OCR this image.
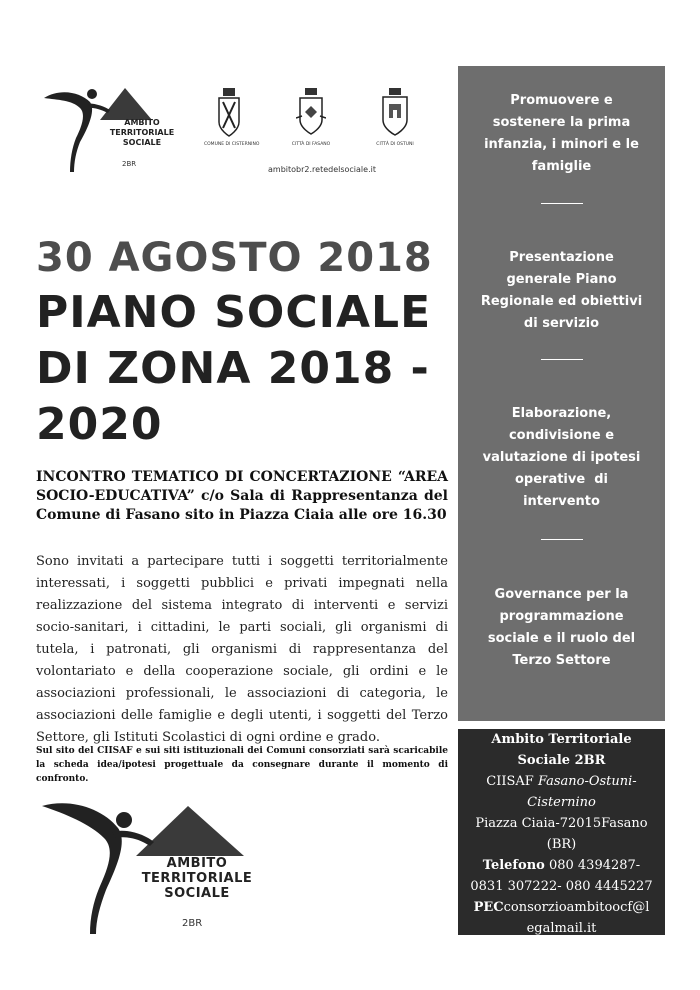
AMBITO
TERRITORIALE
SOCIALE
2BR
COMUNE DI CISTERNINO	CITTÀ DI FASANO	CITTÀ DI OSTUNI
ambitobr2.retedelsociale.it
30 AGOSTO 2018
PIANO SOCIALE
DI ZONA 2018 -
2020
INCONTRO TEMATICO DI CONCERTAZIONE “AREA SOCIO-EDUCATIVA” c/o Sala di Rappresentanza del Comune di Fasano sito in Piazza Ciaia alle ore 16.30
Sono invitati a partecipare tutti i soggetti territorialmente interessati, i soggetti pubblici e privati impegnati nella realizzazione del sistema integrato di interventi e servizi socio-sanitari, i cittadini, le parti sociali, gli organismi di tutela, i patronati, gli organismi di rappresentanza del volontariato e della cooperazione sociale, gli ordini e le associazioni professionali, le associazioni di categoria, le associazioni delle famiglie e degli utenti, i soggetti del Terzo Settore, gli Istituti Scolastici di ogni ordine e grado.
Sul sito del CIISAF e sui siti istituzionali dei Comuni consorziati sarà scaricabile la scheda idea/ipotesi progettuale da consegnare durante il momento di confronto.
AMBITO
TERRITORIALE
SOCIALE
2BR
Promuovere e
sostenere la prima
infanzia, i minori e le
famiglie
Presentazione
generale Piano
Regionale ed obiettivi
di servizio
Elaborazione,
condivisione e
valutazione di ipotesi
operative  di
intervento
Governance per la
programmazione
sociale e il ruolo del
Terzo Settore
Ambito Territoriale
Sociale 2BR
CIISAF Fasano-Ostuni-
Cisternino
Piazza Ciaia-72015Fasano
(BR)
Telefono 080 4394287-
0831 307222- 080 4445227
PECconsorzioambitoocf@l
egalmail.it
